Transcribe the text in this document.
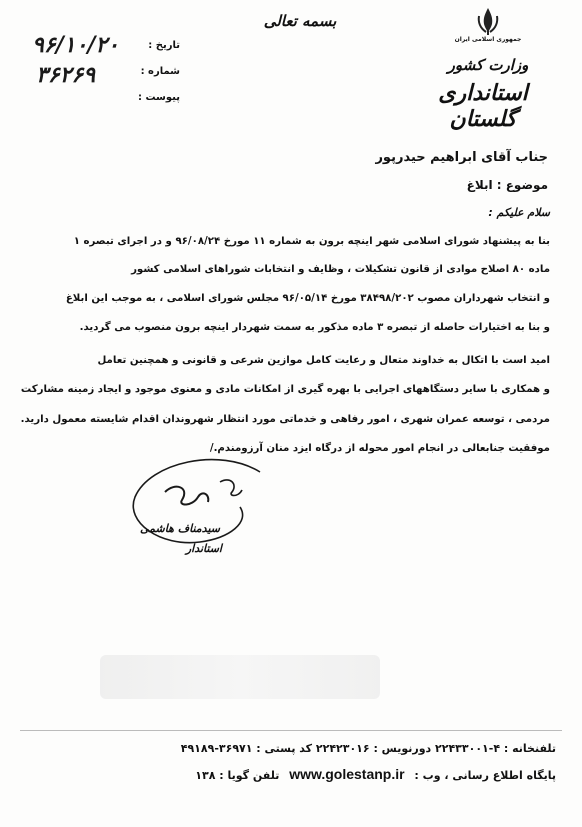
بسمه تعالی
جمهوری اسلامی ایران
وزارت کشور
استانداری گلستان
تاریخ :
شماره :
پیوست :
۹۶/۱۰/۲۰
۳۶۲۶۹
جناب آقای ابراهیم حیدرپور
موضوع : ابلاغ
سلام علیکم :
بنا به پیشنهاد شورای اسلامی شهر اینچه برون به شماره ۱۱ مورخ ۹۶/۰۸/۲۴ و در اجرای تبصره ۱
ماده ۸۰ اصلاح موادی از قانون تشکیلات ، وظایف و انتخابات شوراهای اسلامی کشور
و انتخاب شهرداران مصوب ۳۸۴۹۸/۲۰۲ مورخ ۹۶/۰۵/۱۴ مجلس شورای اسلامی ، به موجب این ابلاغ
و بنا به اختیارات حاصله از تبصره ۳ ماده مذکور به سمت شهردار اینچه برون منصوب می گردید.
امید است با اتکال به خداوند متعال و رعایت کامل موازین شرعی و قانونی و همچنین تعامل
و همکاری با سایر دستگاههای اجرایی با بهره گیری از امکانات مادی و معنوی موجود و ایجاد زمینه مشارکت
مردمی ، توسعه عمران شهری ، امور رفاهی و خدماتی مورد انتظار شهروندان اقدام شایسته معمول دارید.
موفقیت جنابعالی در انجام امور محوله از درگاه ایزد منان آرزومندم./
سیدمناف هاشمی
استاندار
تلفنخانه : ۴-۲۲۴۳۳۰۰۱ دورنویس : ۲۲۴۲۳۰۱۶ کد پستی : ۳۶۹۷۱-۴۹۱۸۹
پایگاه اطلاع رسانی ، وب : www.golestanp.ir تلفن گویا : ۱۳۸
